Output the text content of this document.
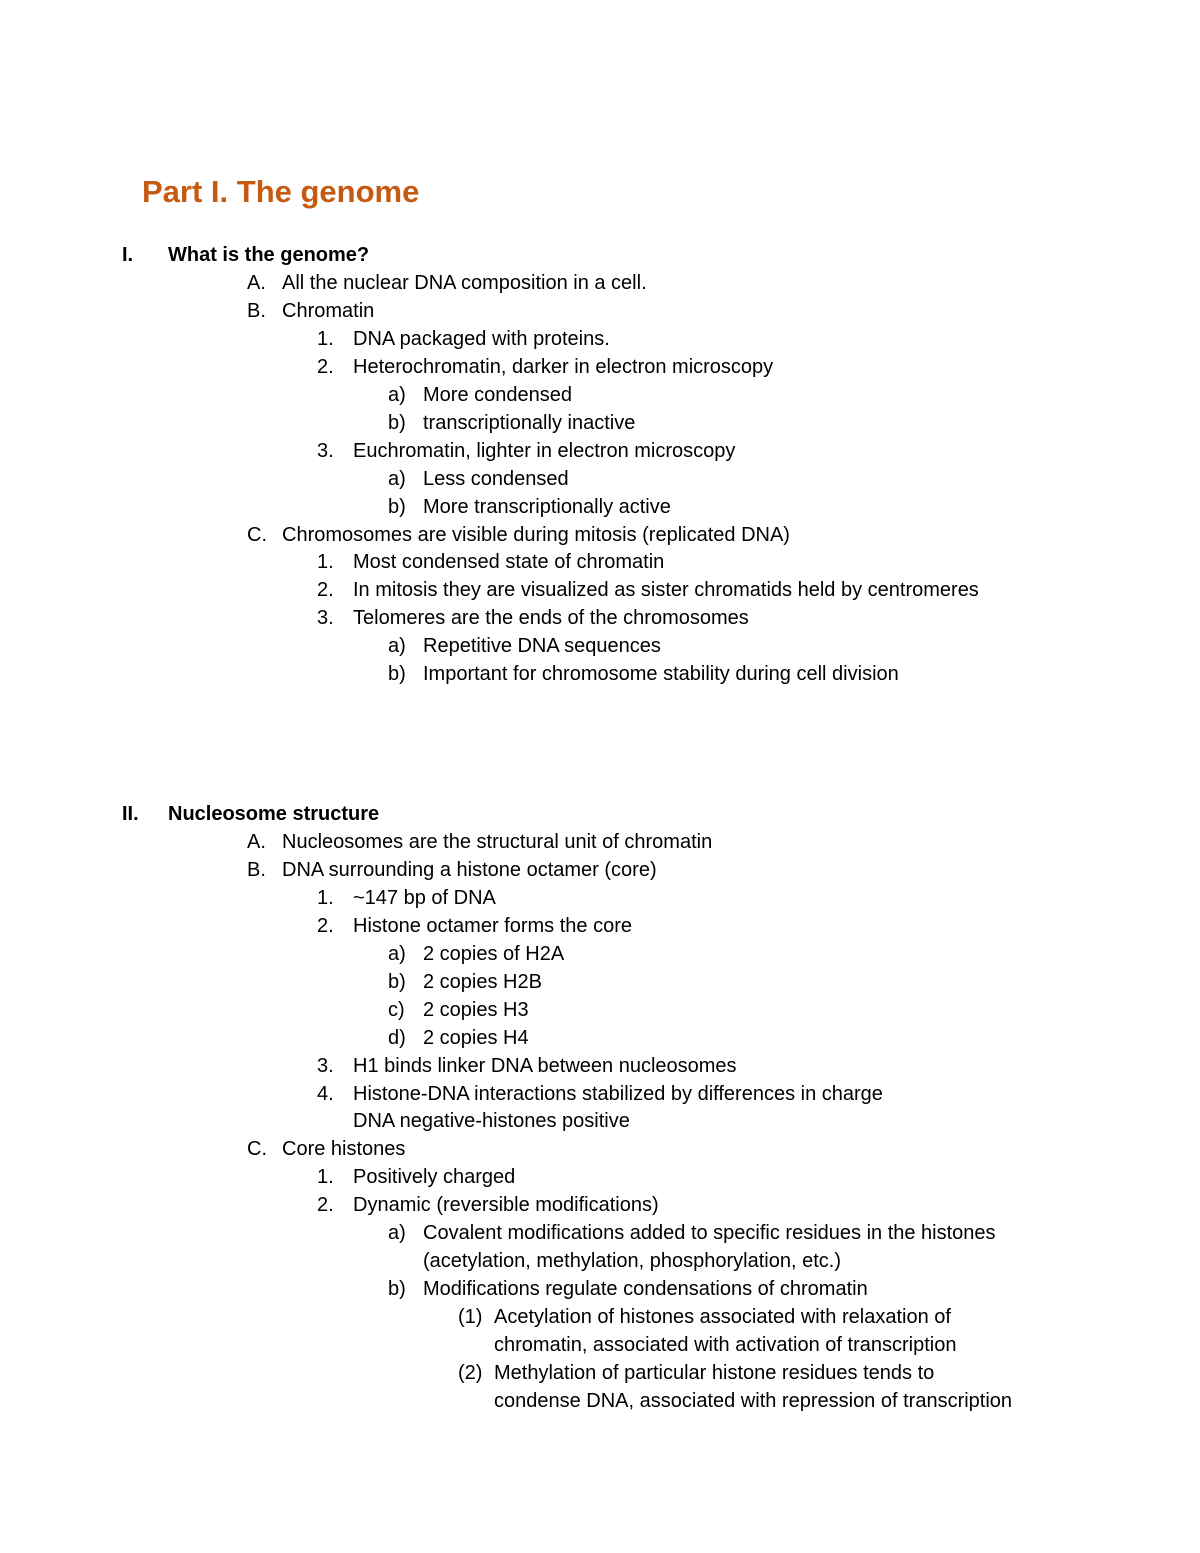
Part I. The genome
I. What is the genome?
A. All the nuclear DNA composition in a cell.
B. Chromatin
1. DNA packaged with proteins.
2. Heterochromatin, darker in electron microscopy
a) More condensed
b) transcriptionally inactive
3. Euchromatin, lighter in electron microscopy
a) Less condensed
b) More transcriptionally active
C. Chromosomes are visible during mitosis (replicated DNA)
1. Most condensed state of chromatin
2. In mitosis they are visualized as sister chromatids held by centromeres
3. Telomeres are the ends of the chromosomes
a) Repetitive DNA sequences
b) Important for chromosome stability during cell division
II. Nucleosome structure
A. Nucleosomes are the structural unit of chromatin
B. DNA surrounding a histone octamer (core)
1. ~147 bp of DNA
2. Histone octamer forms the core
a) 2 copies of H2A
b) 2 copies H2B
c) 2 copies H3
d) 2 copies H4
3. H1 binds linker DNA between nucleosomes
4. Histone-DNA interactions stabilized by differences in charge
DNA negative-histones positive
C. Core histones
1. Positively charged
2. Dynamic (reversible modifications)
a) Covalent modifications added to specific residues in the histones
(acetylation, methylation, phosphorylation, etc.)
b) Modifications regulate condensations of chromatin
(1) Acetylation of histones associated with relaxation of
chromatin, associated with activation of transcription
(2) Methylation of particular histone residues tends to
condense DNA, associated with repression of transcription
